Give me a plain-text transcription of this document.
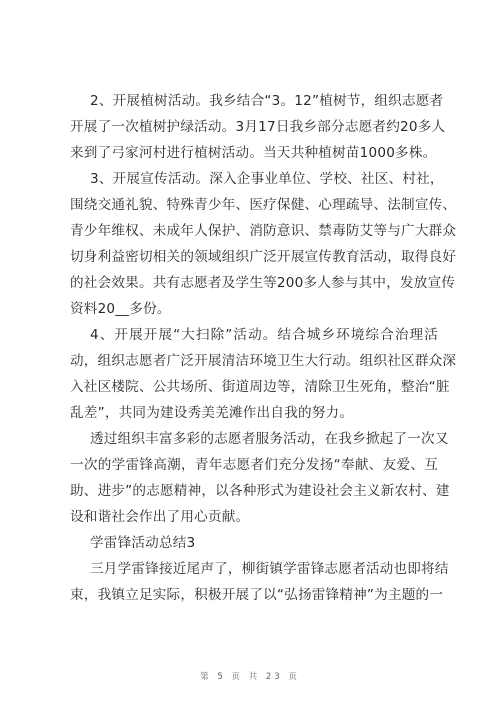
2、开展植树活动。我乡结合“3。12”植树节，组织志愿者
开展了一次植树护绿活动。3月17日我乡部分志愿者约20多人
来到了弓家河村进行植树活动。当天共种植树苗1000多株。
3、开展宣传活动。深入企事业单位、学校、社区、村社，
围绕交通礼貌、特殊青少年、医疗保健、心理疏导、法制宣传、
青少年维权、未成年人保护、消防意识、禁毒防艾等与广大群众
切身利益密切相关的领域组织广泛开展宣传教育活动，取得良好
的社会效果。共有志愿者及学生等200多人参与其中，发放宣传
资料20__多份。
4、开展开展“大扫除”活动。结合城乡环境综合治理活
动，组织志愿者广泛开展清洁环境卫生大行动。组织社区群众深
入社区楼院、公共场所、街道周边等，清除卫生死角，整治“脏
乱差”，共同为建设秀美羌滩作出自我的努力。
透过组织丰富多彩的志愿者服务活动，在我乡掀起了一次又
一次的学雷锋高潮，青年志愿者们充分发扬“奉献、友爱、互
助、进步”的志愿精神，以各种形式为建设社会主义新农村、建
设和谐社会作出了用心贡献。
学雷锋活动总结3
三月学雷锋接近尾声了，柳街镇学雷锋志愿者活动也即将结
束，我镇立足实际，积极开展了以“弘扬雷锋精神”为主题的一
第 5 页 共 23 页
